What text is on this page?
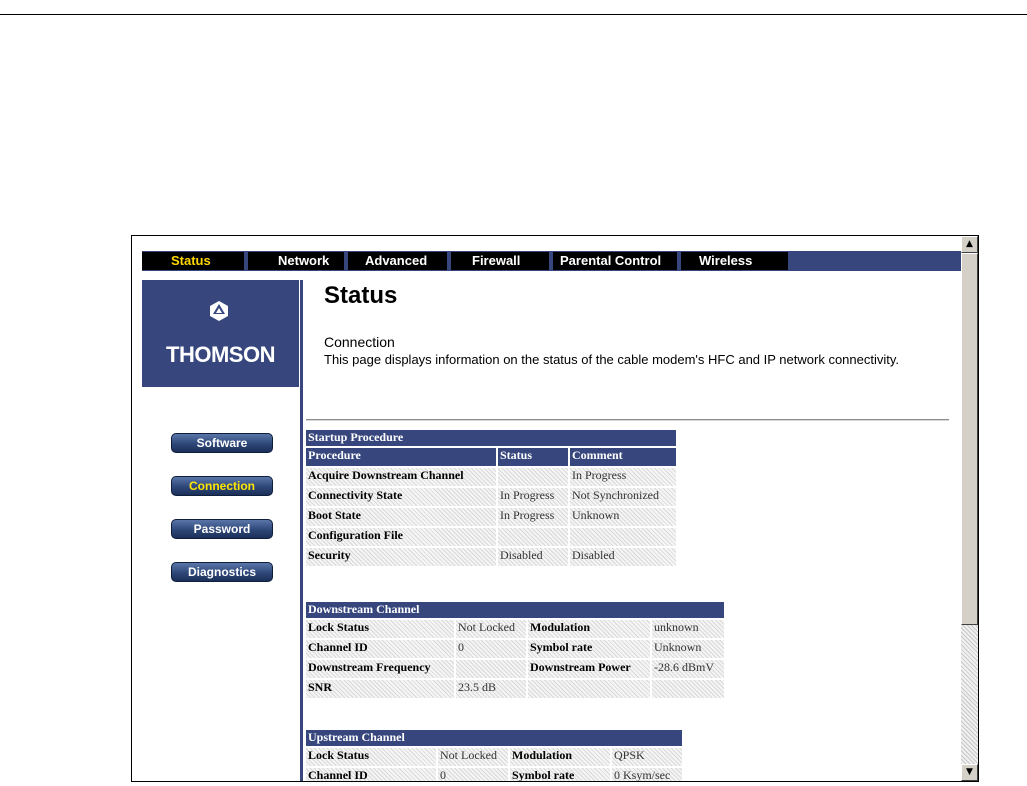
Status	Network	Advanced	Firewall	Parental Control	Wireless
THOMSON
Software
Connection
Password
Diagnostics
Status
Connection
This page displays information on the status of the cable modem's HFC and IP network connectivity.
Startup Procedure		
Procedure	Status	Comment
Acquire Downstream Channel		In Progress
Connectivity State	In Progress	Not Synchronized
Boot State	In Progress	Unknown
Configuration File		
Security	Disabled	Disabled
Downstream Channel			
Lock Status	Not Locked	Modulation	unknown
Channel ID	0	Symbol rate	Unknown
Downstream Frequency		Downstream Power	-28.6 dBmV
SNR	23.5 dB		
Upstream Channel			
Lock Status	Not Locked	Modulation	QPSK
Channel ID	0	Symbol rate	0 Ksym/sec
▲
▼
